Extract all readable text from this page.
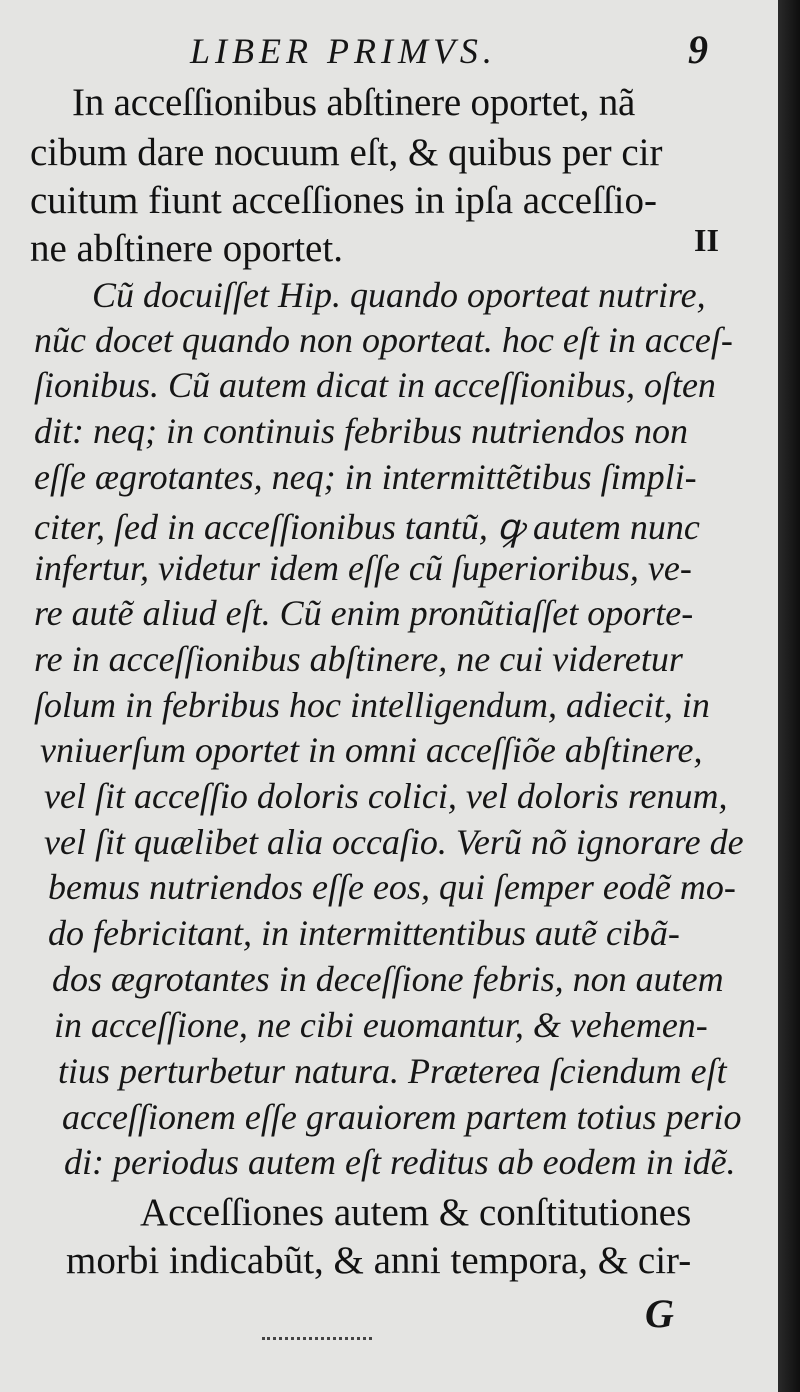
LIBER PRIMVS.	9
In acceſſionibus abſtinere oportet, nã
cibum dare nocuum eſt, & quibus per cir
cuitum fiunt acceſſiones in ipſa acceſſio-
ne abſtinere oportet.	II
Cũ docuiſſet Hip. quando oporteat nutrire,
nũc docet quando non oporteat. hoc eſt in acceſ-
ſionibus. Cũ autem dicat in acceſſionibus, oſten
dit: neq; in continuis febribus nutriendos non
eſſe ægrotantes, neq; in intermittẽtibus ſimpli-
citer, ſed in acceſſionibus tantũ, ꝙ autem nunc
infertur, videtur idem eſſe cũ ſuperioribus, ve-
re autẽ aliud eſt. Cũ enim pronũtiaſſet oporte-
re in acceſſionibus abſtinere, ne cui videretur
ſolum in febribus hoc intelligendum, adiecit, in
vniuerſum oportet in omni acceſſiõe abſtinere,
vel ſit acceſſio doloris colici, vel doloris renum,
vel ſit quælibet alia occaſio. Verũ nõ ignorare de
bemus nutriendos eſſe eos, qui ſemper eodẽ mo-
do febricitant, in intermittentibus autẽ cibã-
dos ægrotantes in deceſſione febris, non autem
in acceſſione, ne cibi euomantur, & vehemen-
tius perturbetur natura. Præterea ſciendum eſt
acceſſionem eſſe grauiorem partem totius perio
di: periodus autem eſt reditus ab eodem in idẽ.
Acceſſiones autem & conſtitutiones
morbi indicabũt, & anni tempora, & cir-
G
